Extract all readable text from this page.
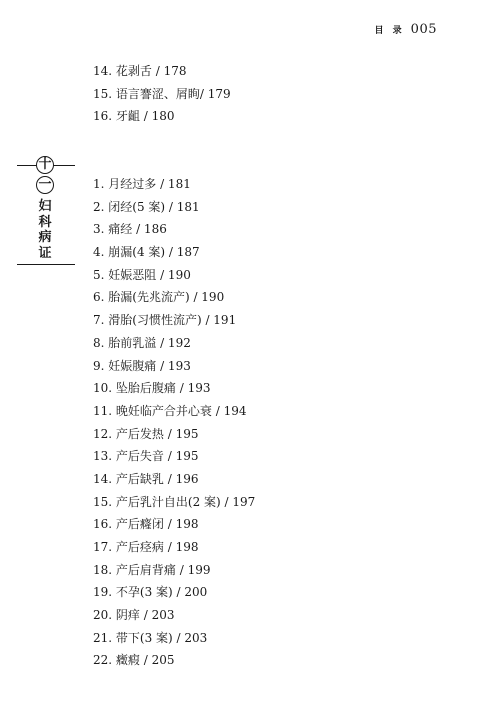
目 录 005
14. 花剥舌 / 178
15. 语言謇涩、屑眴/ 179
16. 牙齟 / 180
十
一
妇科病证
1. 月经过多 / 181
2. 闭经(5 案) / 181
3. 痛经 / 186
4. 崩漏(4 案) / 187
5. 妊娠恶阻 / 190
6. 胎漏(先兆流产) / 190
7. 滑胎(习惯性流产) / 191
8. 胎前乳溢 / 192
9. 妊娠腹痛 / 193
10. 坠胎后腹痛 / 193
11. 晚妊临产合并心衰 / 194
12. 产后发热 / 195
13. 产后失音 / 195
14. 产后缺乳 / 196
15. 产后乳汁自出(2 案) / 197
16. 产后癃闭 / 198
17. 产后痉病 / 198
18. 产后肩背痛 / 199
19. 不孕(3 案) / 200
20. 阴痒 / 203
21. 带下(3 案) / 203
22. 癥瘕 / 205
